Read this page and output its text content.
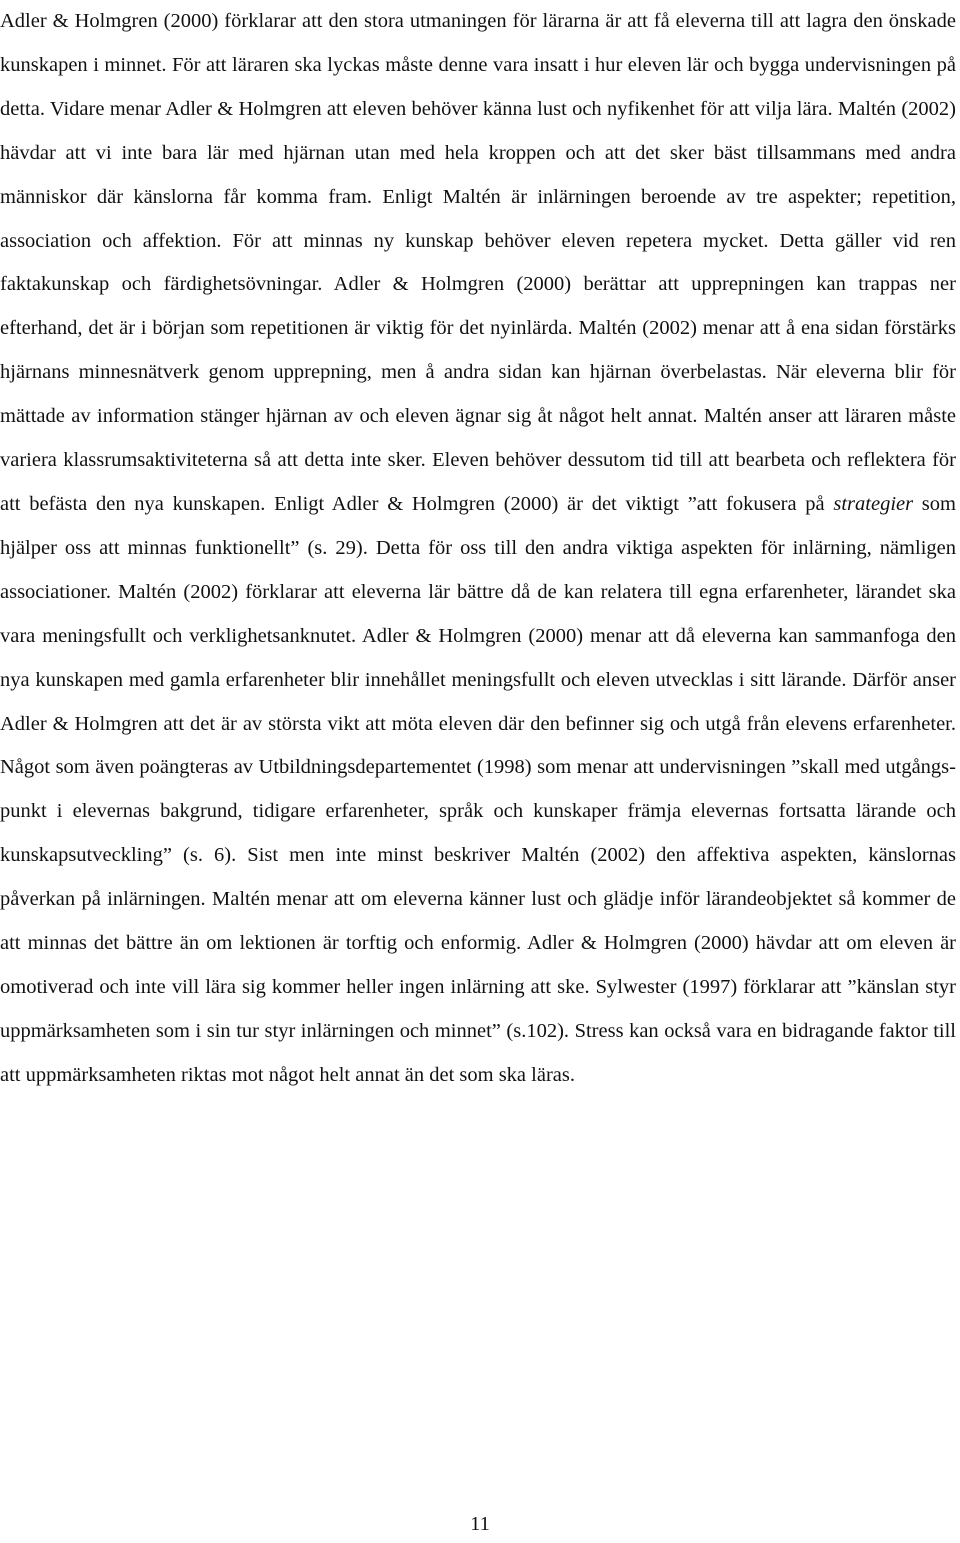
Adler & Holmgren (2000) förklarar att den stora utmaningen för lärarna är att få eleverna till att lagra den önskade kunskapen i minnet. För att läraren ska lyckas måste denne vara insatt i hur eleven lär och bygga undervisningen på detta. Vidare menar Adler & Holmgren att eleven behöver känna lust och nyfikenhet för att vilja lära. Maltén (2002) hävdar att vi inte bara lär med hjärnan utan med hela kroppen och att det sker bäst tillsammans med andra människor där känslorna får komma fram. Enligt Maltén är inlärningen beroende av tre aspekter; repetition, association och affektion. För att minnas ny kunskap behöver eleven repetera mycket. Detta gäller vid ren faktakunskap och färdighetsövningar. Adler & Holmgren (2000) berättar att upprepningen kan trappas ner efterhand, det är i början som repetitionen är viktig för det nyinlärda. Maltén (2002) menar att å ena sidan förstärks hjärnans minnesnätverk genom upprepning, men å andra sidan kan hjärnan överbelastas. När eleverna blir för mättade av information stänger hjärnan av och eleven ägnar sig åt något helt annat. Maltén anser att läraren måste variera klassrumsaktiviteterna så att detta inte sker. Eleven behöver dessutom tid till att bearbeta och reflektera för att befästa den nya kunskapen. Enligt Adler & Holmgren (2000) är det viktigt ”att fokusera på strategier som hjälper oss att minnas funktionellt” (s. 29). Detta för oss till den andra viktiga aspekten för inlärning, nämligen associationer. Maltén (2002) förklarar att eleverna lär bättre då de kan relatera till egna erfarenheter, lärandet ska vara meningsfullt och verklighetsanknutet. Adler & Holmgren (2000) menar att då eleverna kan sammanfoga den nya kunskapen med gamla erfarenheter blir innehållet meningsfullt och eleven utvecklas i sitt lärande. Därför anser Adler & Holmgren att det är av största vikt att möta eleven där den befinner sig och utgå från elevens erfarenheter. Något som även poängteras av Utbildningsdepartementet (1998) som menar att undervisningen ”skall med utgångspunkt i elevernas bakgrund, tidigare erfarenheter, språk och kunskaper främja elevernas fortsatta lärande och kunskapsutveckling” (s. 6). Sist men inte minst beskriver Maltén (2002) den affektiva aspekten, känslornas påverkan på inlärningen. Maltén menar att om eleverna känner lust och glädje inför lärandeobjektet så kommer de att minnas det bättre än om lektionen är torftig och enformig. Adler & Holmgren (2000) hävdar att om eleven är omotiverad och inte vill lära sig kommer heller ingen inlärning att ske. Sylwester (1997) förklarar att ”känslan styr uppmärksamheten som i sin tur styr inlärningen och minnet” (s.102). Stress kan också vara en bidragande faktor till att uppmärksamheten riktas mot något helt annat än det som ska läras.

11
